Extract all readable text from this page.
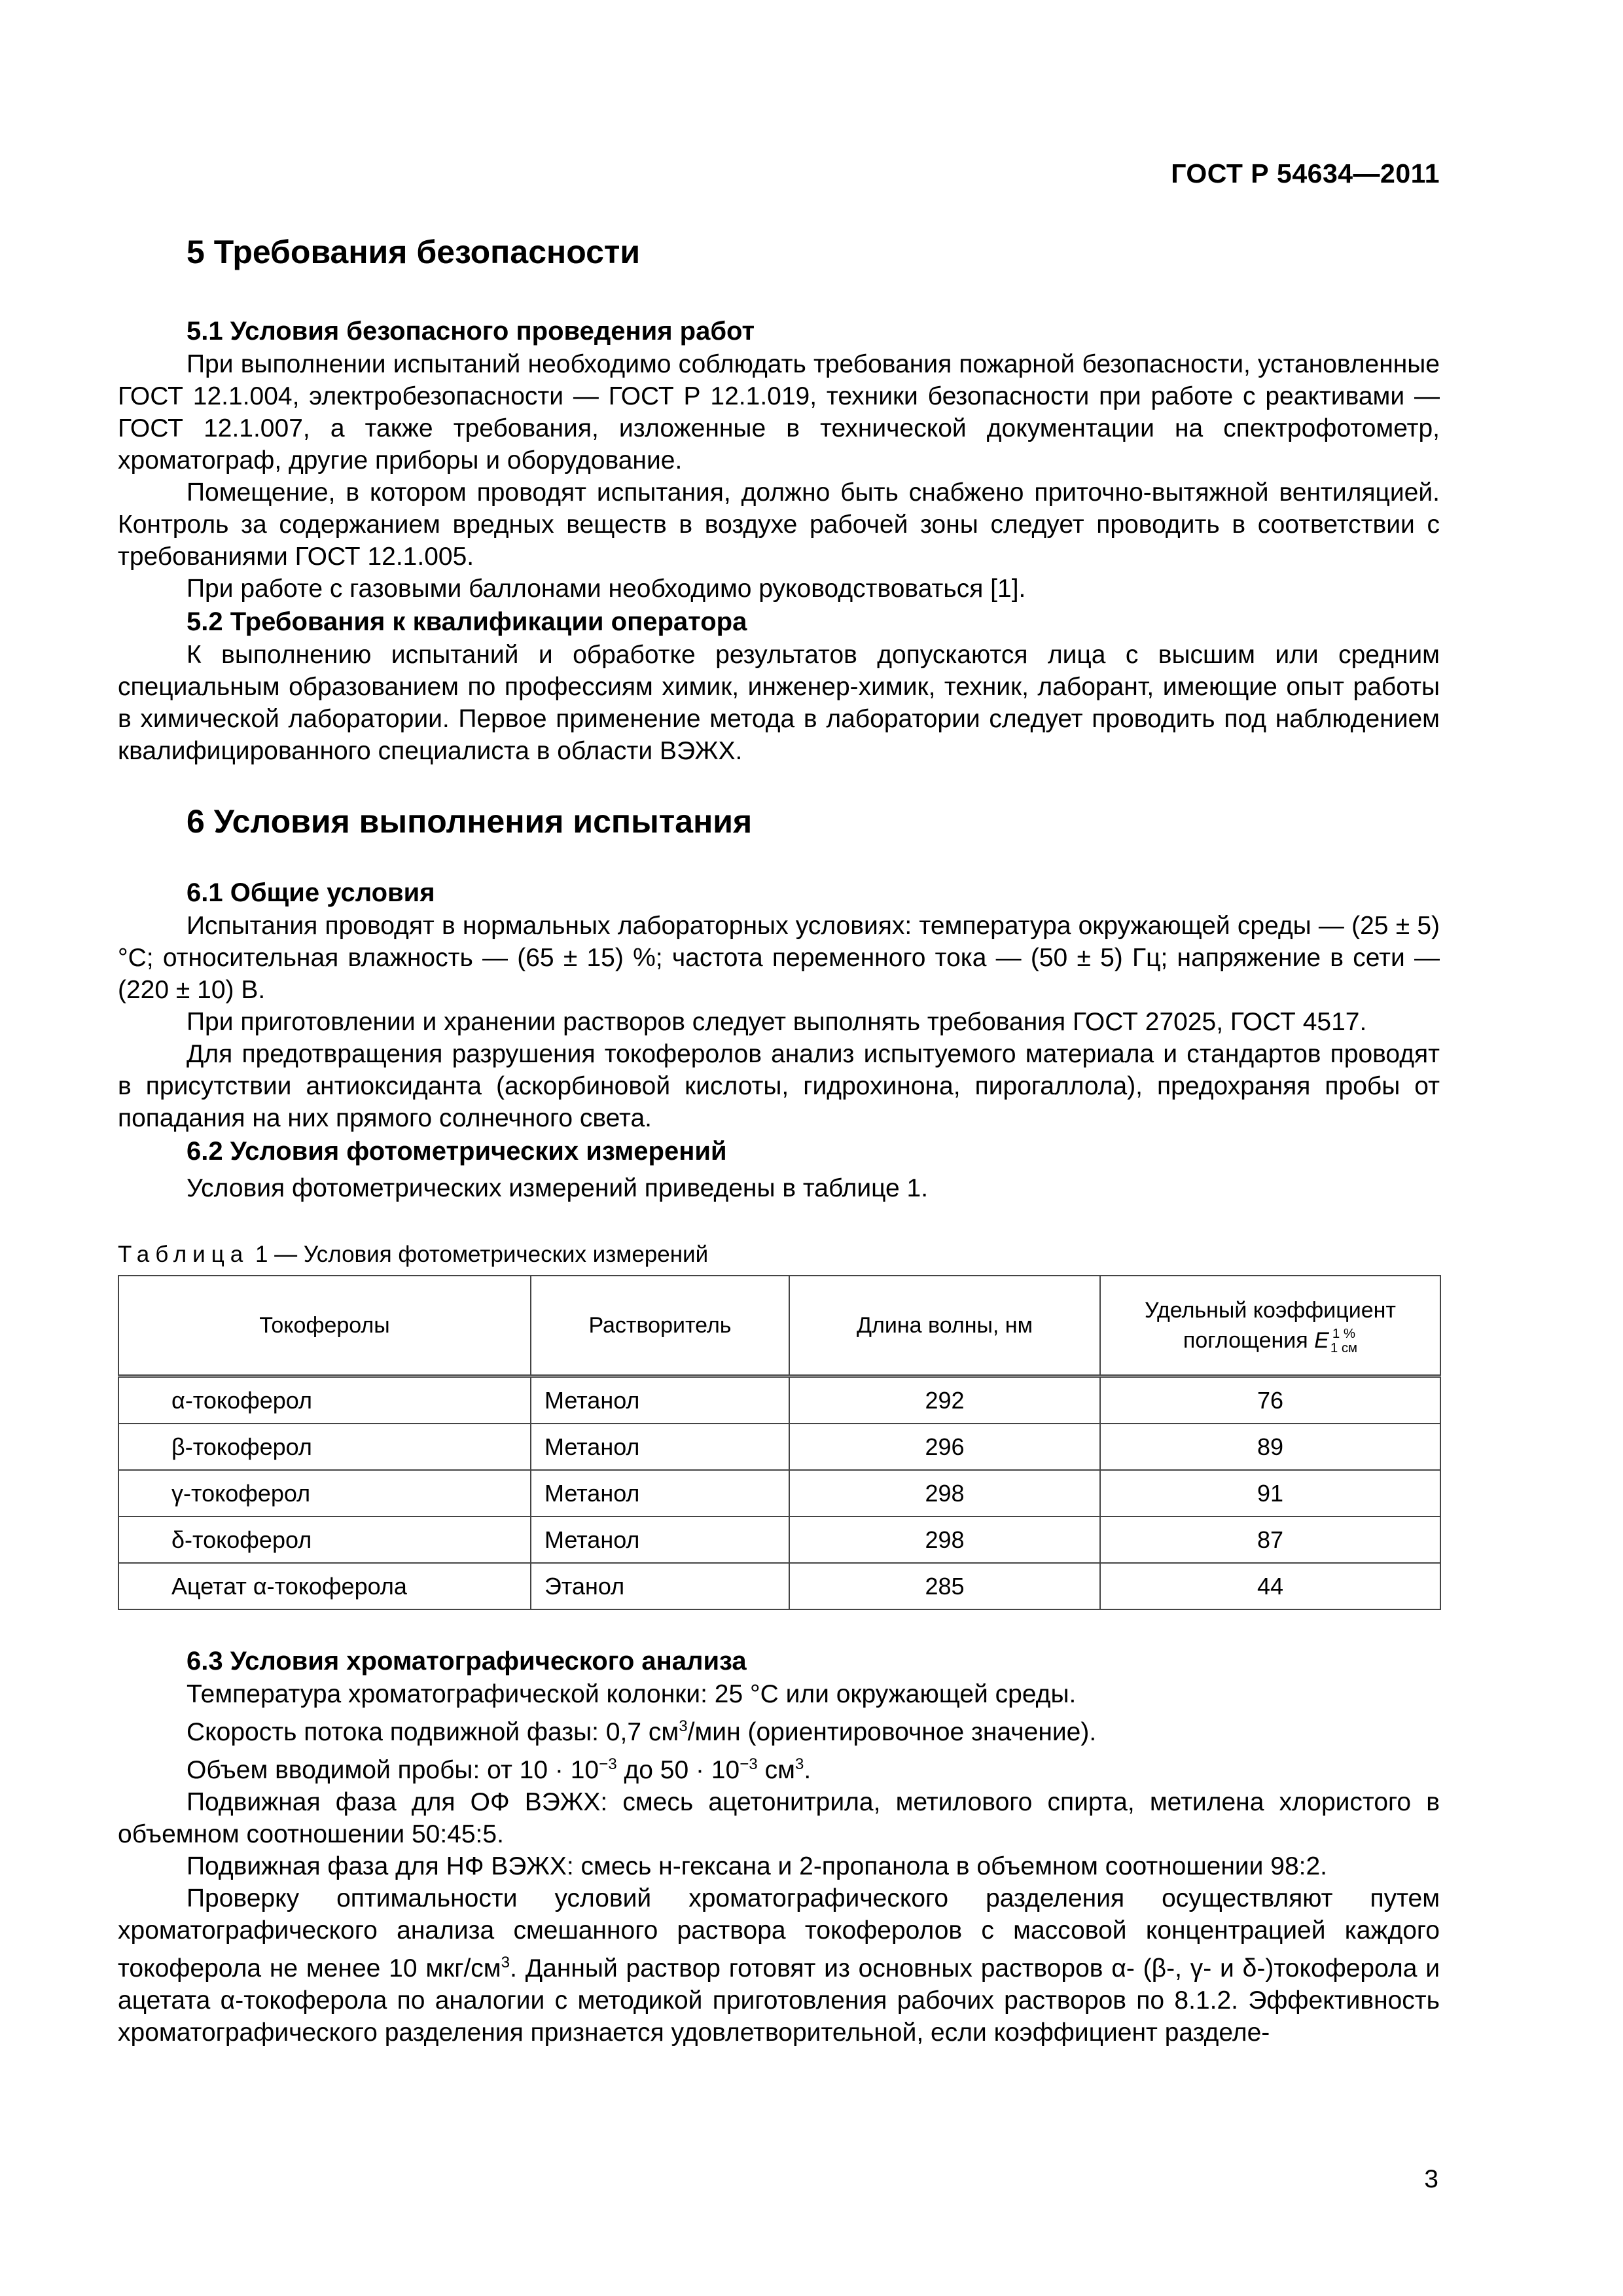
ГОСТ Р 54634—2011
5 Требования безопасности
5.1 Условия безопасного проведения работ

При выполнении испытаний необходимо соблюдать требования пожарной безопасности, установленные ГОСТ 12.1.004, электробезопасности — ГОСТ Р 12.1.019, техники безопасности при работе с реактивами — ГОСТ 12.1.007, а также требования, изложенные в технической документации на спектрофотометр, хроматограф, другие приборы и оборудование.

Помещение, в котором проводят испытания, должно быть снабжено приточно-вытяжной вентиляцией. Контроль за содержанием вредных веществ в воздухе рабочей зоны следует проводить в соответствии с требованиями ГОСТ 12.1.005.

При работе с газовыми баллонами необходимо руководствоваться [1].

5.2 Требования к квалификации оператора

К выполнению испытаний и обработке результатов допускаются лица с высшим или средним специальным образованием по профессиям химик, инженер-химик, техник, лаборант, имеющие опыт работы в химической лаборатории. Первое применение метода в лаборатории следует проводить под наблюдением квалифицированного специалиста в области ВЭЖХ.

6 Условия выполнения испытания
6.1 Общие условия

Испытания проводят в нормальных лабораторных условиях: температура окружающей среды — (25 ± 5) °С; относительная влажность — (65 ± 15) %; частота переменного тока — (50 ± 5) Гц; напряжение в сети — (220 ± 10) В.

При приготовлении и хранении растворов следует выполнять требования ГОСТ 27025, ГОСТ 4517.

Для предотвращения разрушения токоферолов анализ испытуемого материала и стандартов проводят в присутствии антиоксиданта (аскорбиновой кислоты, гидрохинона, пирогаллола), предохраняя пробы от попадания на них прямого солнечного света.

6.2 Условия фотометрических измерений

Условия фотометрических измерений приведены в таблице 1.

Таблица 1 — Условия фотометрических измерений

Токоферолы	Растворитель	Длина волны, нм	Удельный коэффициент
поглощения E 1 %
1 см

α-токоферол	Метанол	292	76
β-токоферол	Метанол	296	89
γ-токоферол	Метанол	298	91
δ-токоферол	Метанол	298	87
Ацетат α-токоферола	Этанол	285	44
6.3 Условия хроматографического анализа

Температура хроматографической колонки: 25 °С или окружающей среды.

Скорость потока подвижной фазы: 0,7 $см^3$/мин (ориентировочное значение).

Объем вводимой пробы: от $10 \cdot 10^{-3}$ до $50 \cdot 10^{-3}$ $см^3$.

Подвижная фаза для ОФ ВЭЖХ: смесь ацетонитрила, метилового спирта, метилена хлористого в объемном соотношении 50:45:5.

Подвижная фаза для НФ ВЭЖХ: смесь н-гексана и 2-пропанола в объемном соотношении 98:2.

Проверку оптимальности условий хроматографического разделения осуществляют путем хроматографического анализа смешанного раствора токоферолов с массовой концентрацией каждого токоферола не менее 10 мкг/$см^3$. Данный раствор готовят из основных растворов α- (β-, γ- и δ-)токоферола и ацетата α-токоферола по аналогии с методикой приготовления рабочих растворов по 8.1.2. Эффективность хроматографического разделения признается удовлетворительной, если коэффициент разделе-

3
